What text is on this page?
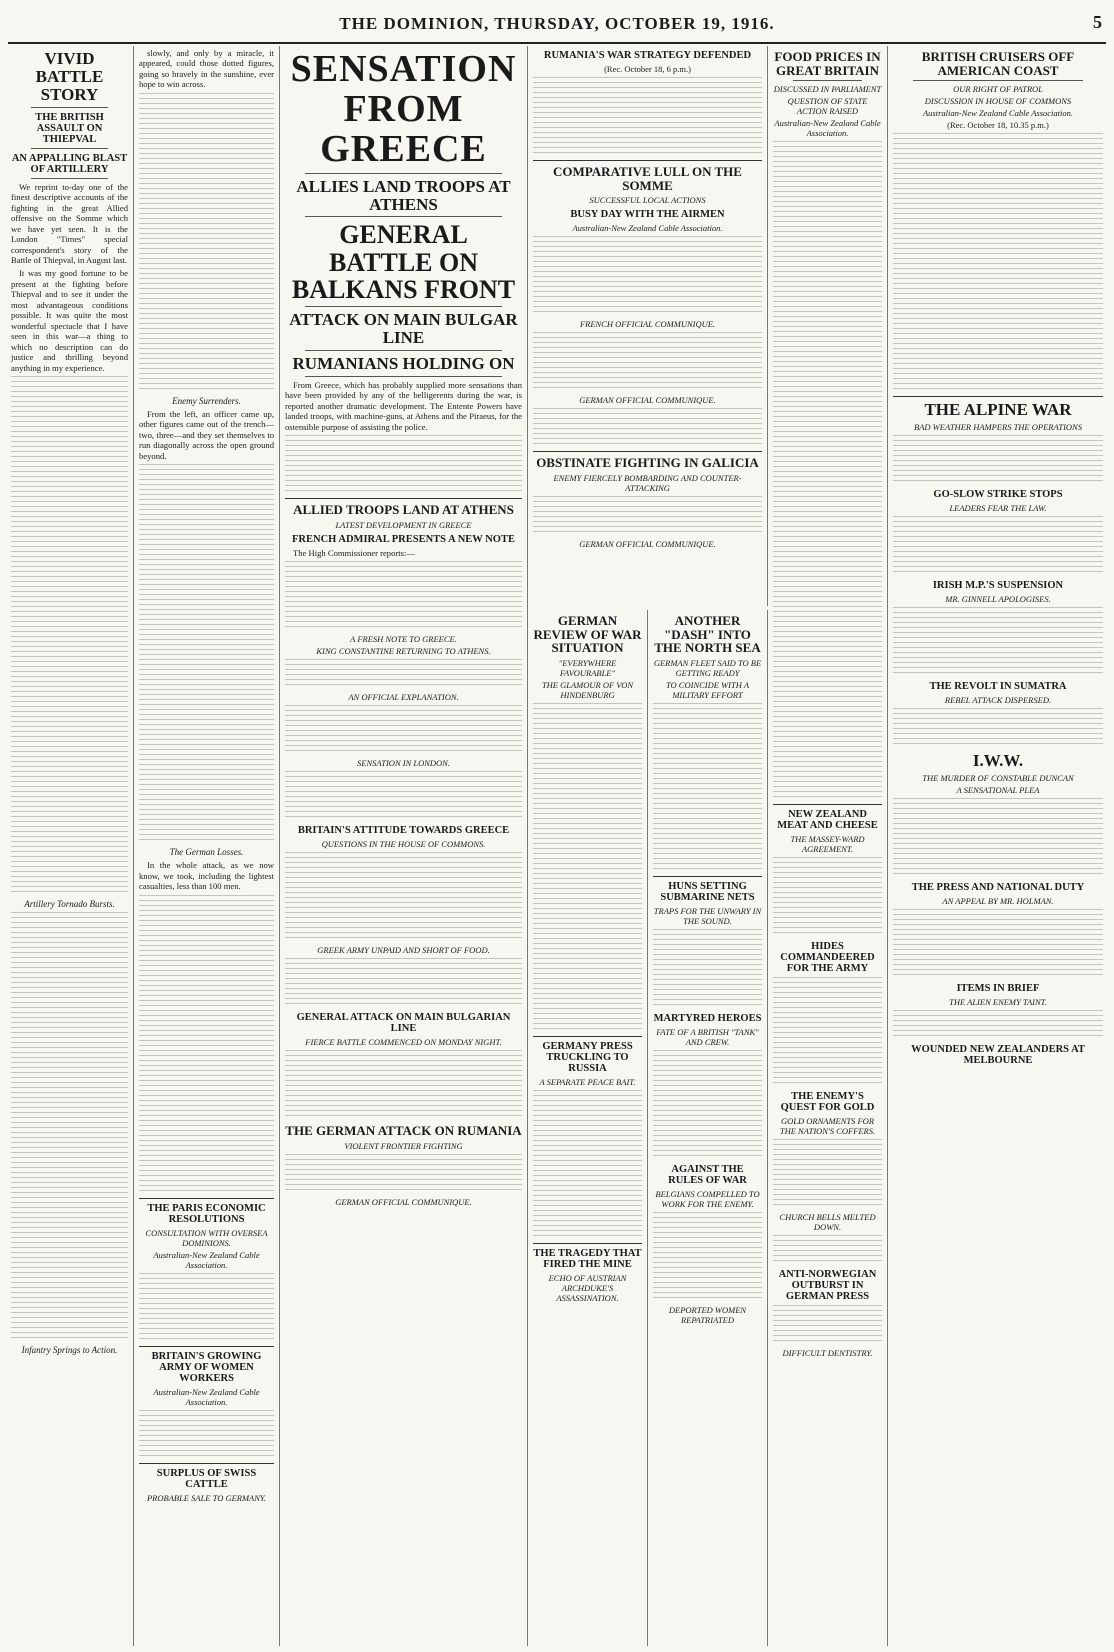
THE DOMINION, THURSDAY, OCTOBER 19, 1916.	5
VIVID BATTLE STORY
THE BRITISH ASSAULT ON THIEPVAL
AN APPALLING BLAST OF ARTILLERY

We reprint to-day one of the finest descriptive accounts of the fighting in the great Allied offensive on the Somme which we have yet seen. It is the London "Times" special correspondent's story of the Battle of Thiepval, in August last.

It was my good fortune to be present at the fighting before Thiepval and to see it under the most advantageous conditions possible. It was quite the most wonderful spectacle that I have seen in this war—a thing to which no description can do justice and thrilling beyond anything in my experience.

Artillery Tornado Bursts.
Infantry Springs to Action.

slowly, and only by a miracle, it appeared, could those dotted figures, going so bravely in the sunshine, ever hope to win across.

Enemy Surrenders.

From the left, an officer came up, other figures came out of the trench—two, three—and they set themselves to run diagonally across the open ground beyond.

The German Losses.

In the whole attack, as we now know, we took, including the lightest casualties, less than 100 men.

THE PARIS ECONOMIC RESOLUTIONS
CONSULTATION WITH OVERSEA DOMINIONS.
Australian-New Zealand Cable Association.
BRITAIN'S GROWING ARMY OF WOMEN WORKERS
Australian-New Zealand Cable Association.
SURPLUS OF SWISS CATTLE
PROBABLE SALE TO GERMANY.
SENSATION FROM GREECE
ALLIES LAND TROOPS AT ATHENS
GENERAL BATTLE ON BALKANS FRONT
ATTACK ON MAIN BULGAR LINE
RUMANIANS HOLDING ON

From Greece, which has probably supplied more sensations than have been provided by any of the belligerents during the war, is reported another dramatic development. The Entente Powers have landed troops, with machine-guns, at Athens and the Piraeus, for the ostensible purpose of assisting the police.

ALLIED TROOPS LAND AT ATHENS
LATEST DEVELOPMENT IN GREECE
FRENCH ADMIRAL PRESENTS A NEW NOTE

The High Commissioner reports:—

A FRESH NOTE TO GREECE.
KING CONSTANTINE RETURNING TO ATHENS.
AN OFFICIAL EXPLANATION.
SENSATION IN LONDON.
BRITAIN'S ATTITUDE TOWARDS GREECE
QUESTIONS IN THE HOUSE OF COMMONS.
GREEK ARMY UNPAID AND SHORT OF FOOD.
GENERAL ATTACK ON MAIN BULGARIAN LINE
FIERCE BATTLE COMMENCED ON MONDAY NIGHT.
THE GERMAN ATTACK ON RUMANIA
VIOLENT FRONTIER FIGHTING
GERMAN OFFICIAL COMMUNIQUE.
RUMANIA'S WAR STRATEGY DEFENDED
(Rec. October 18, 6 p.m.)
COMPARATIVE LULL ON THE SOMME
SUCCESSFUL LOCAL ACTIONS
BUSY DAY WITH THE AIRMEN
Australian-New Zealand Cable Association.
FRENCH OFFICIAL COMMUNIQUE.
GERMAN OFFICIAL COMMUNIQUE.
OBSTINATE FIGHTING IN GALICIA
ENEMY FIERCELY BOMBARDING AND COUNTER-ATTACKING
GERMAN OFFICIAL COMMUNIQUE.
GERMAN REVIEW OF WAR SITUATION
"EVERYWHERE FAVOURABLE"
THE GLAMOUR OF VON HINDENBURG
GERMANY PRESS TRUCKLING TO RUSSIA
A SEPARATE PEACE BAIT.
THE TRAGEDY THAT FIRED THE MINE
ECHO OF AUSTRIAN ARCHDUKE'S ASSASSINATION.
ANOTHER "DASH" INTO THE NORTH SEA
GERMAN FLEET SAID TO BE GETTING READY
TO COINCIDE WITH A MILITARY EFFORT
HUNS SETTING SUBMARINE NETS
TRAPS FOR THE UNWARY IN THE SOUND.
MARTYRED HEROES
FATE OF A BRITISH "TANK" AND CREW.
AGAINST THE RULES OF WAR
BELGIANS COMPELLED TO WORK FOR THE ENEMY.
DEPORTED WOMEN REPATRIATED
FOOD PRICES IN GREAT BRITAIN
DISCUSSED IN PARLIAMENT
QUESTION OF STATE ACTION RAISED
Australian-New Zealand Cable Association.
NEW ZEALAND MEAT AND CHEESE
THE MASSEY-WARD AGREEMENT.
HIDES COMMANDEERED FOR THE ARMY
THE ENEMY'S QUEST FOR GOLD
GOLD ORNAMENTS FOR THE NATION'S COFFERS.
CHURCH BELLS MELTED DOWN.
ANTI-NORWEGIAN OUTBURST IN GERMAN PRESS
DIFFICULT DENTISTRY.
BRITISH CRUISERS OFF AMERICAN COAST
OUR RIGHT OF PATROL
DISCUSSION IN HOUSE OF COMMONS
Australian-New Zealand Cable Association.
(Rec. October 18, 10.35 p.m.)
THE ALPINE WAR
BAD WEATHER HAMPERS THE OPERATIONS
GO-SLOW STRIKE STOPS
LEADERS FEAR THE LAW.
IRISH M.P.'S SUSPENSION
MR. GINNELL APOLOGISES.
THE REVOLT IN SUMATRA
REBEL ATTACK DISPERSED.
I.W.W.
THE MURDER OF CONSTABLE DUNCAN
A SENSATIONAL PLEA
THE PRESS AND NATIONAL DUTY
AN APPEAL BY MR. HOLMAN.
ITEMS IN BRIEF
THE ALIEN ENEMY TAINT.
WOUNDED NEW ZEALANDERS AT MELBOURNE
